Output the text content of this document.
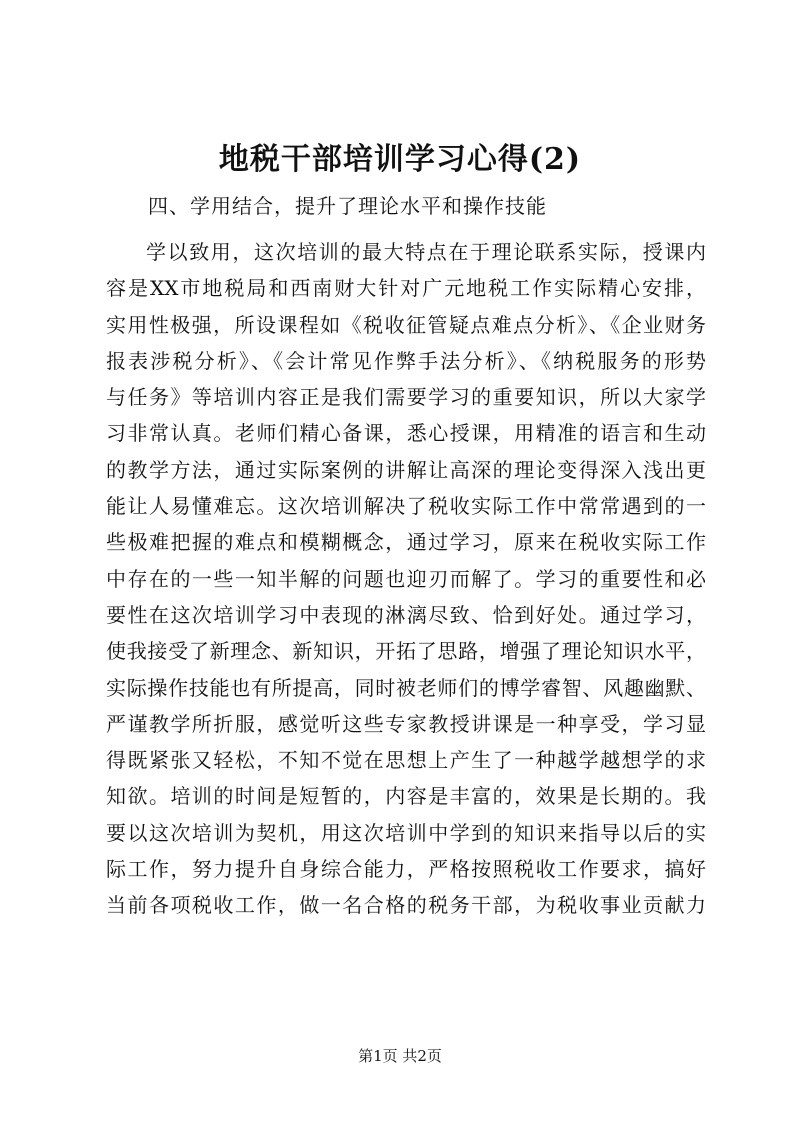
地税干部培训学习心得(2)
四、学用结合，提升了理论水平和操作技能
学以致用，这次培训的最大特点在于理论联系实际，授课内
容是XX市地税局和西南财大针对广元地税工作实际精心安排，
实用性极强，所设课程如《税收征管疑点难点分析》、《企业财务
报表涉税分析》、《会计常见作弊手法分析》、《纳税服务的形势
与任务》等培训内容正是我们需要学习的重要知识，所以大家学
习非常认真。老师们精心备课，悉心授课，用精准的语言和生动
的教学方法，通过实际案例的讲解让高深的理论变得深入浅出更
能让人易懂难忘。这次培训解决了税收实际工作中常常遇到的一
些极难把握的难点和模糊概念，通过学习，原来在税收实际工作
中存在的一些一知半解的问题也迎刃而解了。学习的重要性和必
要性在这次培训学习中表现的淋漓尽致、恰到好处。通过学习，
使我接受了新理念、新知识，开拓了思路，增强了理论知识水平，
实际操作技能也有所提高，同时被老师们的博学睿智、风趣幽默、
严谨教学所折服，感觉听这些专家教授讲课是一种享受，学习显
得既紧张又轻松，不知不觉在思想上产生了一种越学越想学的求
知欲。培训的时间是短暂的，内容是丰富的，效果是长期的。我
要以这次培训为契机，用这次培训中学到的知识来指导以后的实
际工作，努力提升自身综合能力，严格按照税收工作要求，搞好
当前各项税收工作，做一名合格的税务干部，为税收事业贡献力
第1页 共2页
